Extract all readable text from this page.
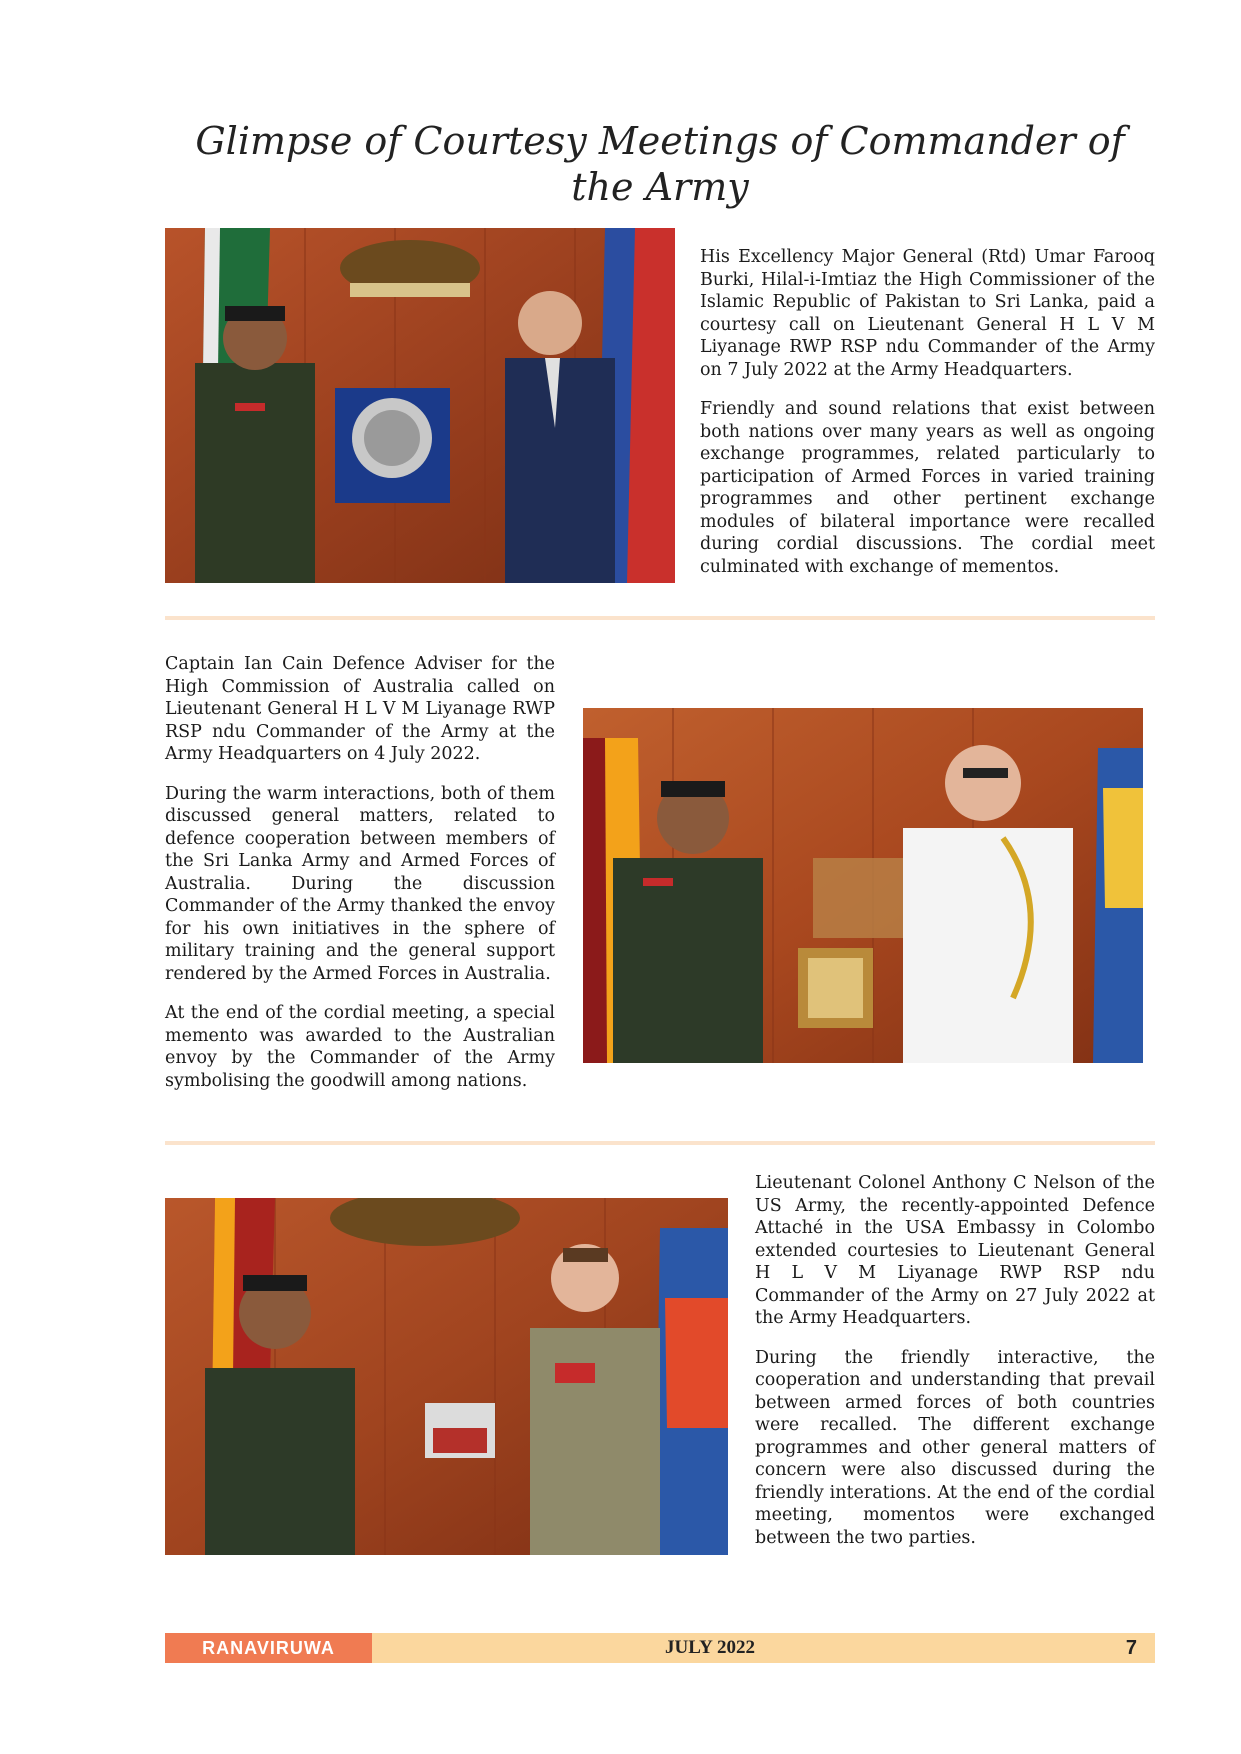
Glimpse of Courtesy Meetings of Commander of the Army

His Excellency Major General (Rtd) Umar Farooq Burki, Hilal-i-Imtiaz the High Commissioner of the Islamic Republic of Pakistan to Sri Lanka, paid a courtesy call on Lieutenant General H L V M Liyanage RWP RSP ndu Commander of the Army on 7 July 2022 at the Army Headquarters.

Friendly and sound relations that exist between both nations over many years as well as ongoing exchange programmes, related particularly to participation of Armed Forces in varied training programmes and other pertinent exchange modules of bilateral importance were recalled during cordial discussions. The cordial meet culminated with exchange of mementos.

Captain Ian Cain Defence Adviser for the High Commission of Australia called on Lieutenant General H L V M Liyanage RWP RSP ndu Commander of the Army at the Army Headquarters on 4 July 2022.

During the warm interactions, both of them discussed general matters, related to defence cooperation between members of the Sri Lanka Army and Armed Forces of Australia. During the discussion Commander of the Army thanked the envoy for his own initiatives in the sphere of military training and the general support rendered by the Armed Forces in Australia.

At the end of the cordial meeting, a special memento was awarded to the Australian envoy by the Commander of the Army symbolising the goodwill among nations.

Lieutenant Colonel Anthony C Nelson of the US Army, the recently-appointed Defence Attaché in the USA Embassy in Colombo extended courtesies to Lieutenant General H L V M Liyanage RWP RSP ndu Commander of the Army on 27 July 2022 at the Army Headquarters.

During the friendly interactive, the cooperation and understanding that prevail between armed forces of both countries were recalled. The different exchange programmes and other general matters of concern were also discussed during the friendly interations. At the end of the cordial meeting, momentos were exchanged between the two parties.

RANAVIRUWA	JULY 2022	7
